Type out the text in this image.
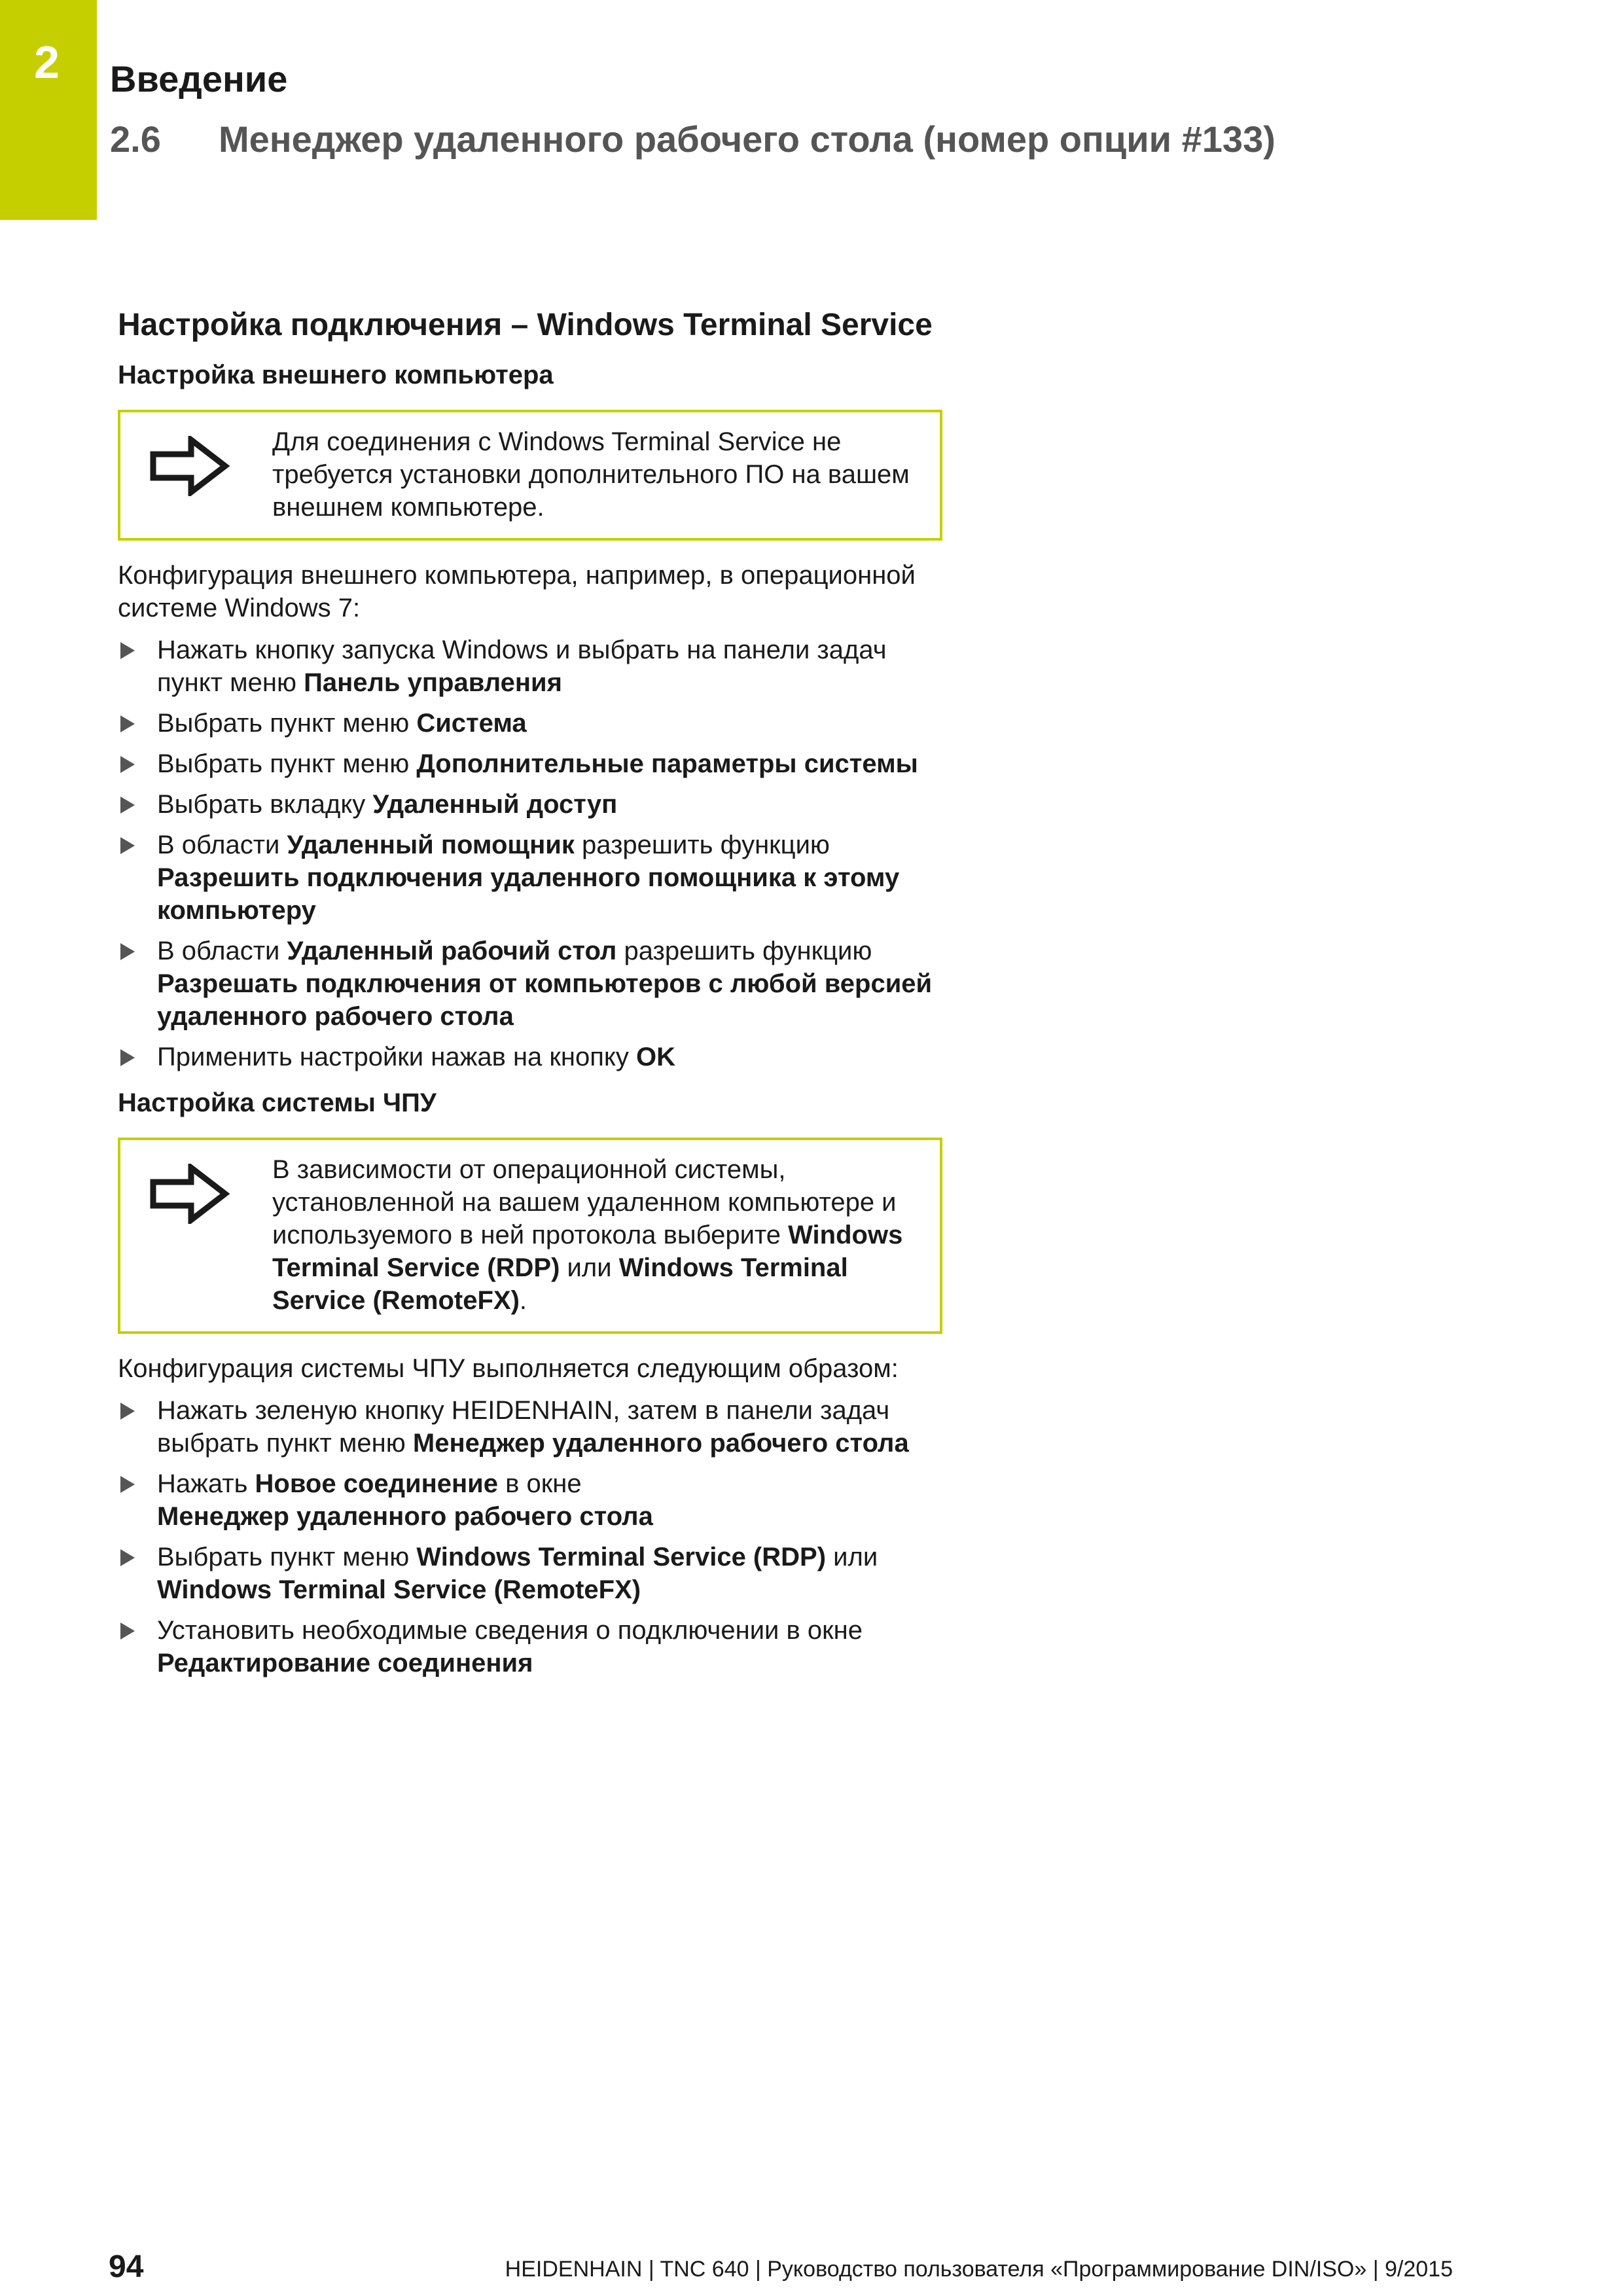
2 Введение
2.6 Менеджер удаленного рабочего стола (номер опции #133)
Настройка подключения – Windows Terminal Service
Настройка внешнего компьютера

Для соединения с Windows Terminal Service не требуется установки дополнительного ПО на вашем внешнем компьютере.

Конфигурация внешнего компьютера, например, в операционной системе Windows 7:

Нажать кнопку запуска Windows и выбрать на панели задач пункт меню Панель управления
Выбрать пункт меню Система
Выбрать пункт меню Дополнительные параметры системы
Выбрать вкладку Удаленный доступ
В области Удаленный помощник разрешить функцию Разрешить подключения удаленного помощника к этому компьютеру
В области Удаленный рабочий стол разрешить функцию Разрешать подключения от компьютеров с любой версией удаленного рабочего стола
Применить настройки нажав на кнопку OK
Настройка системы ЧПУ

В зависимости от операционной системы, установленной на вашем удаленном компьютере и используемого в ней протокола выберите Windows Terminal Service (RDP) или Windows Terminal Service (RemoteFX).

Конфигурация системы ЧПУ выполняется следующим образом:

Нажать зеленую кнопку HEIDENHAIN, затем в панели задач выбрать пункт меню Менеджер удаленного рабочего стола
Нажать Новое соединение в окне
Менеджер удаленного рабочего стола
Выбрать пункт меню Windows Terminal Service (RDP) или Windows Terminal Service (RemoteFX)
Установить необходимые сведения о подключении в окне Редактирование соединения
94	HEIDENHAIN | TNC 640 | Руководство пользователя «Программирование DIN/ISO» | 9/2015
